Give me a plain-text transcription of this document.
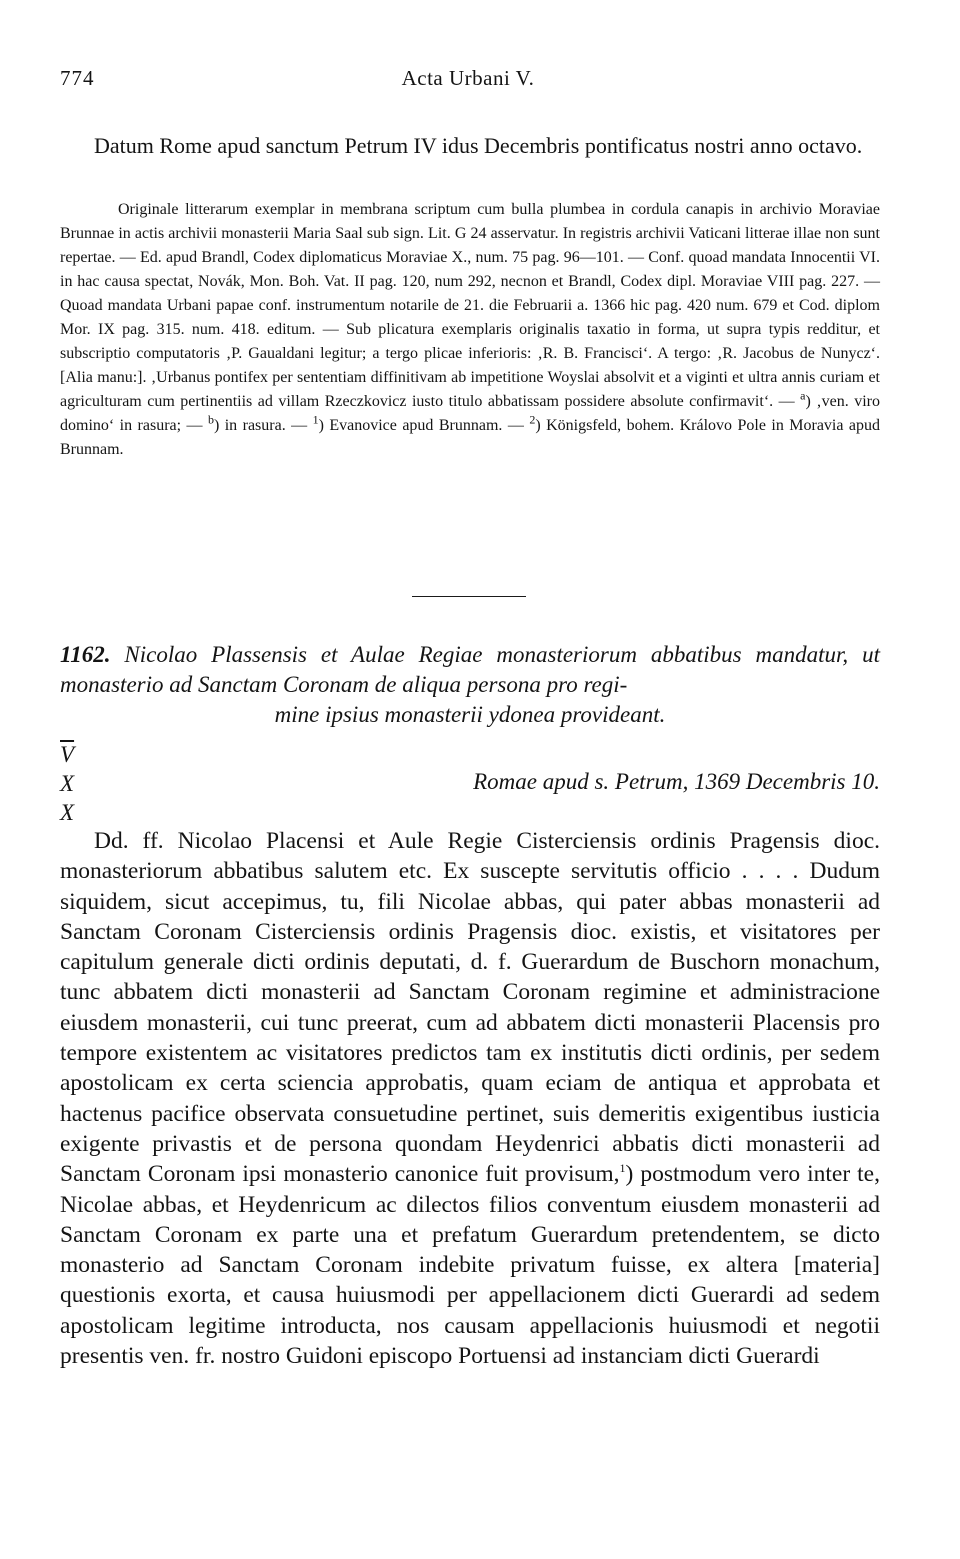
774	Acta Urbani V.
Datum Rome apud sanctum Petrum IV idus Decembris pontificatus nostri anno octavo.

Originale litterarum exemplar in membrana scriptum cum bulla plumbea in cordula canapis in archivio Moraviae Brunnae in actis archivii monasterii Maria Saal sub sign. Lit. G 24 asservatur. In registris archivii Vaticani litterae illae non sunt repertae. — Ed. apud Brandl, Codex diplomaticus Moraviae X., num. 75 pag. 96—101. — Conf. quoad mandata Innocentii VI. in hac causa spectat, Novák, Mon. Boh. Vat. II pag. 120, num 292, necnon et Brandl, Codex dipl. Moraviae VIII pag. 227. — Quoad mandata Urbani papae conf. instrumentum notarile de 21. die Februarii a. 1366 hic pag. 420 num. 679 et Cod. diplom Mor. IX pag. 315. num. 418. editum. — Sub plicatura exemplaris originalis taxatio in forma, ut supra typis redditur, et subscriptio computatoris ‚P. Gaualdani legitur; a tergo plicae inferioris: ‚R. B. Francisci‘. A tergo: ‚R. Jacobus de Nunycz‘. [Alia manu:]. ‚Urbanus pontifex per sententiam diffinitivam ab impetitione Woyslai absolvit et a viginti et ultra annis curiam et agriculturam cum pertinentiis ad villam Rzeczkovicz iusto titulo abbatissam possidere absolute confirmavit‘. — $^a$) ‚ven. viro domino‘ in rasura; — $^b$) in rasura. — $^1$) Evanovice apud Brunnam. — $^2$) Königsfeld, bohem. Královo Pole in Moravia apud Brunnam.

1162. Nicolao Plassensis et Aulae Regiae monasteriorum abbatibus mandatur, ut monasterio ad Sanctam Coronam de aliqua persona pro regi-
mine ipsius monasterii ydonea provideant.
$\overline{V}$
X
X
Romae apud s. Petrum, 1369 Decembris 10.

Dd. ff. Nicolao Placensi et Aule Regie Cisterciensis ordinis Pragensis dioc. monasteriorum abbatibus salutem etc. Ex suscepte servitutis officio . . . . Dudum siquidem, sicut accepimus, tu, fili Nicolae abbas, qui pater abbas monasterii ad Sanctam Coronam Cisterciensis ordinis Pragensis dioc. existis, et visitatores per capitulum generale dicti ordinis deputati, d. f. Guerardum de Buschorn monachum, tunc abbatem dicti monasterii ad Sanctam Coronam regimine et administracione eiusdem monasterii, cui tunc preerat, cum ad abbatem dicti monasterii Placensis pro tempore existentem ac visitatores predictos tam ex institutis dicti ordinis, per sedem apostolicam ex certa sciencia approbatis, quam eciam de antiqua et approbata et hactenus pacifice observata consuetudine pertinet, suis demeritis exigentibus iusticia exigente privastis et de persona quondam Heydenrici abbatis dicti monasterii ad Sanctam Coronam ipsi monasterio canonice fuit provisum,$^1$) postmodum vero inter te, Nicolae abbas, et Heydenricum ac dilectos filios conventum eiusdem monasterii ad Sanctam Coronam ex parte una et prefatum Guerardum pretendentem, se dicto monasterio ad Sanctam Coronam indebite privatum fuisse, ex altera [materia] questionis exorta, et causa huiusmodi per appellacionem dicti Guerardi ad sedem apostolicam legitime introducta, nos causam appellacionis huiusmodi et negotii presentis ven. fr. nostro Guidoni episcopo Portuensi ad instanciam dicti Guerardi
